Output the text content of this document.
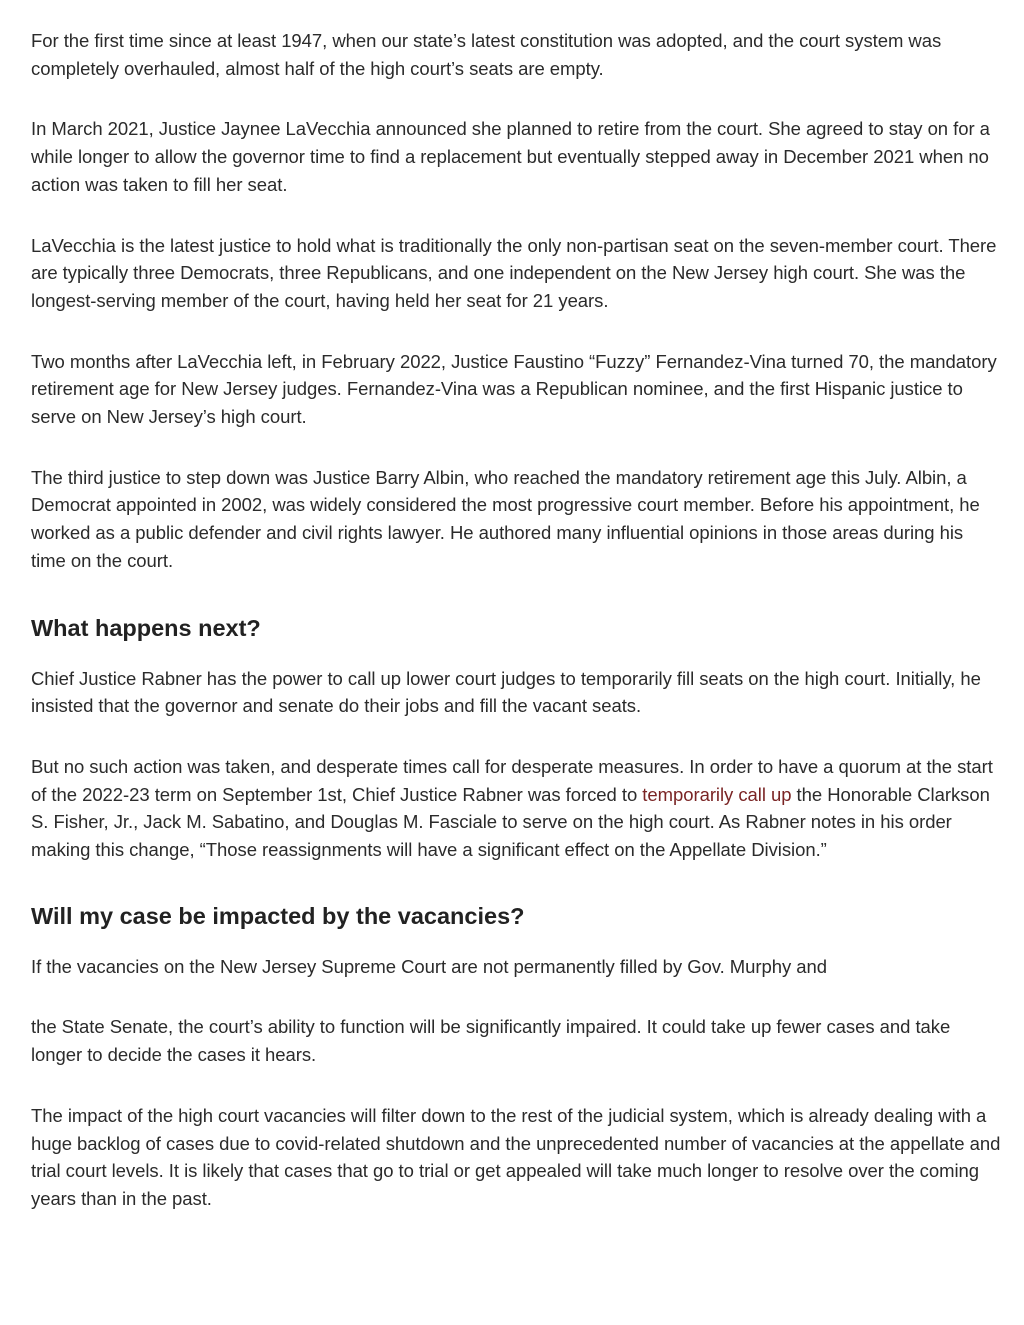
For the first time since at least 1947, when our state’s latest constitution was adopted, and the court system was completely overhauled, almost half of the high court’s seats are empty.

In March 2021, Justice Jaynee LaVecchia announced she planned to retire from the court. She agreed to stay on for a while longer to allow the governor time to find a replacement but eventually stepped away in December 2021 when no action was taken to fill her seat.

LaVecchia is the latest justice to hold what is traditionally the only non-partisan seat on the seven-member court. There are typically three Democrats, three Republicans, and one independent on the New Jersey high court. She was the longest-serving member of the court, having held her seat for 21 years.

Two months after LaVecchia left, in February 2022, Justice Faustino “Fuzzy” Fernandez-Vina turned 70, the mandatory retirement age for New Jersey judges. Fernandez-Vina was a Republican nominee, and the first Hispanic justice to serve on New Jersey’s high court.

The third justice to step down was Justice Barry Albin, who reached the mandatory retirement age this July. Albin, a Democrat appointed in 2002, was widely considered the most progressive court member. Before his appointment, he worked as a public defender and civil rights lawyer. He authored many influential opinions in those areas during his time on the court.

What happens next?

Chief Justice Rabner has the power to call up lower court judges to temporarily fill seats on the high court. Initially, he insisted that the governor and senate do their jobs and fill the vacant seats.

But no such action was taken, and desperate times call for desperate measures. In order to have a quorum at the start of the 2022-23 term on September 1st, Chief Justice Rabner was forced to temporarily call up the Honorable Clarkson S. Fisher, Jr., Jack M. Sabatino, and Douglas M. Fasciale to serve on the high court. As Rabner notes in his order making this change, “Those reassignments will have a significant effect on the Appellate Division.”

Will my case be impacted by the vacancies?

If the vacancies on the New Jersey Supreme Court are not permanently filled by Gov. Murphy and

the State Senate, the court’s ability to function will be significantly impaired. It could take up fewer cases and take longer to decide the cases it hears.

The impact of the high court vacancies will filter down to the rest of the judicial system, which is already dealing with a huge backlog of cases due to covid-related shutdown and the unprecedented number of vacancies at the appellate and trial court levels. It is likely that cases that go to trial or get appealed will take much longer to resolve over the coming years than in the past.
